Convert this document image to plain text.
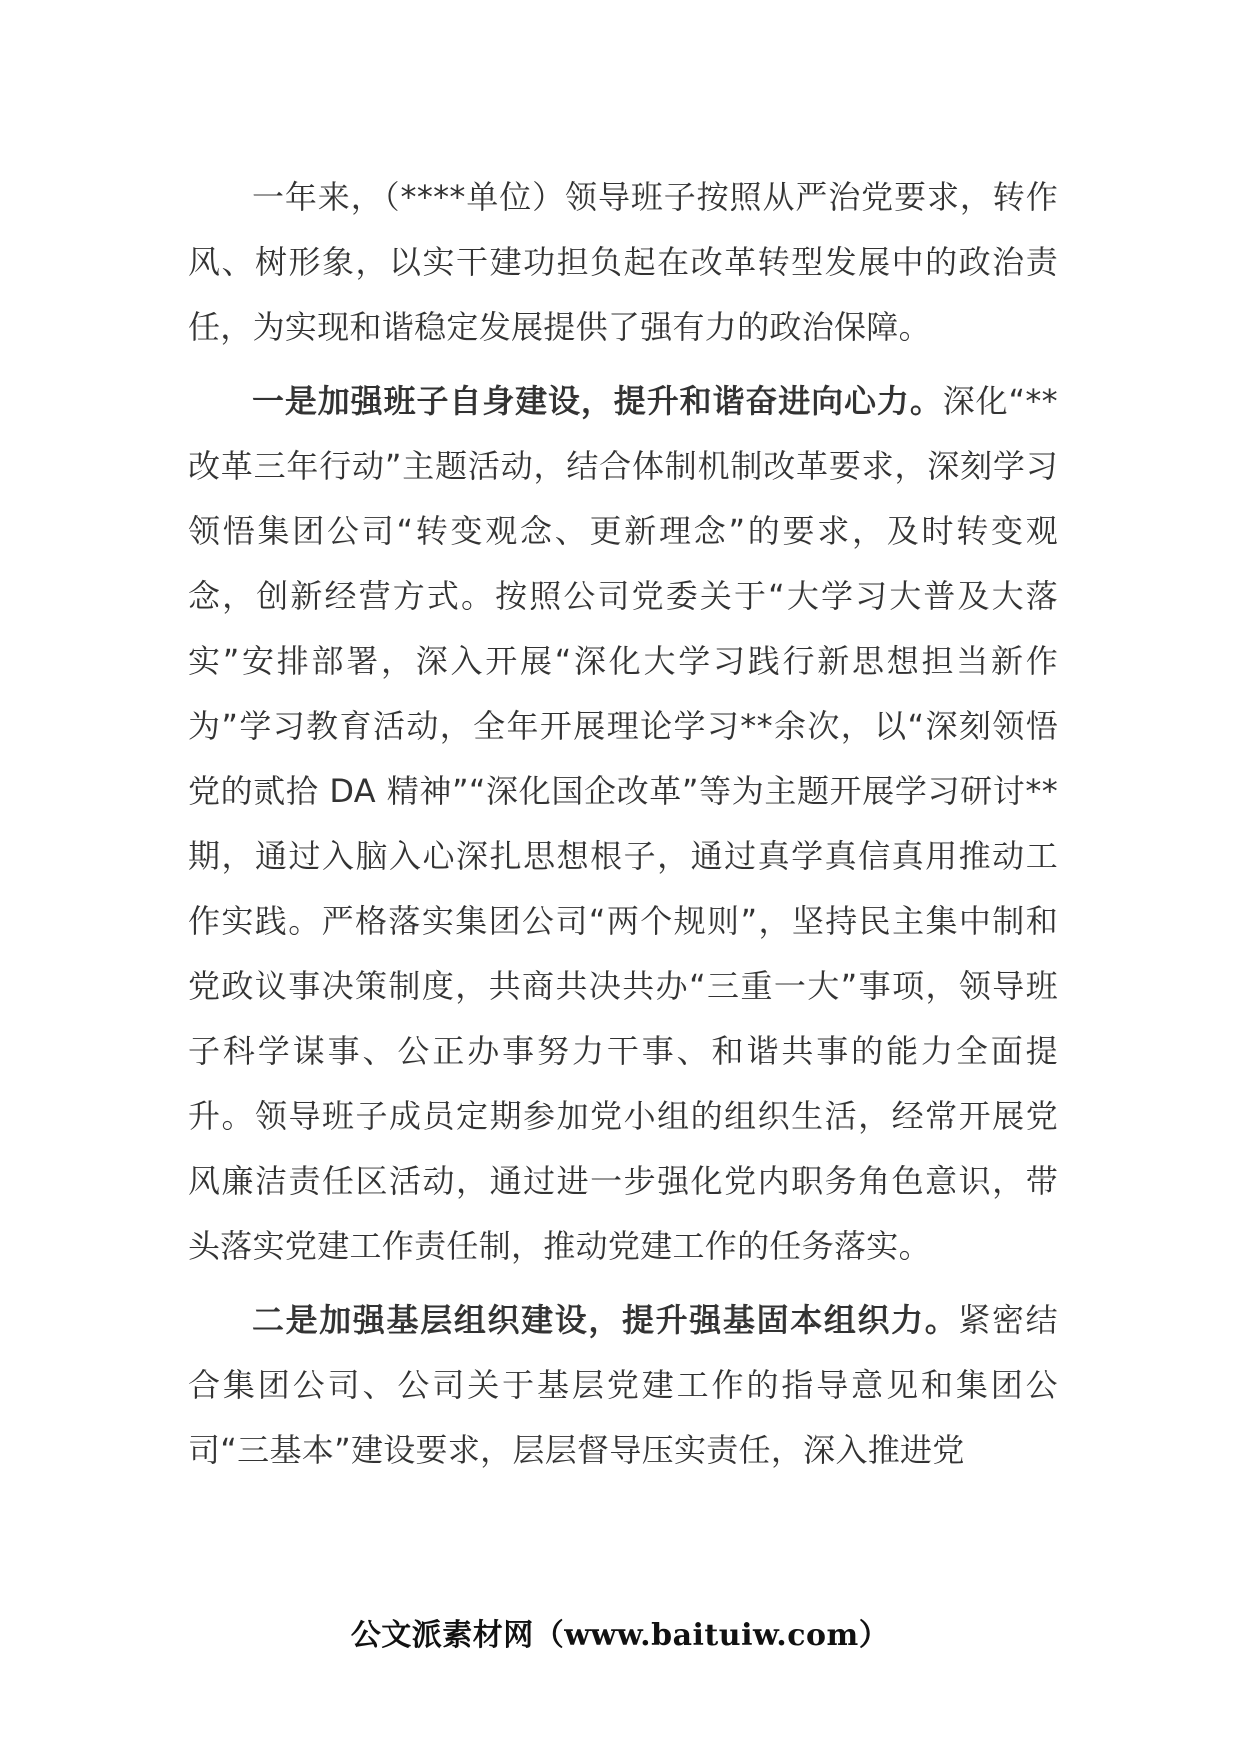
一年来，（****单位）领导班子按照从严治党要求，转作风、树形象，以实干建功担负起在改革转型发展中的政治责任，为实现和谐稳定发展提供了强有力的政治保障。

一是加强班子自身建设，提升和谐奋进向心力。深化“**改革三年行动”主题活动，结合体制机制改革要求，深刻学习领悟集团公司“转变观念、更新理念”的要求，及时转变观念，创新经营方式。按照公司党委关于“大学习大普及大落实”安排部署，深入开展“深化大学习践行新思想担当新作为”学习教育活动，全年开展理论学习**余次，以“深刻领悟党的贰拾 DA 精神”“深化国企改革”等为主题开展学习研讨**期，通过入脑入心深扎思想根子，通过真学真信真用推动工作实践。严格落实集团公司“两个规则”，坚持民主集中制和党政议事决策制度，共商共决共办“三重一大”事项，领导班子科学谋事、公正办事努力干事、和谐共事的能力全面提升。领导班子成员定期参加党小组的组织生活，经常开展党风廉洁责任区活动，通过进一步强化党内职务角色意识，带头落实党建工作责任制，推动党建工作的任务落实。

二是加强基层组织建设，提升强基固本组织力。紧密结合集团公司、公司关于基层党建工作的指导意见和集团公司“三基本”建设要求，层层督导压实责任，深入推进党

公文派素材网（www.baituiw.com）
